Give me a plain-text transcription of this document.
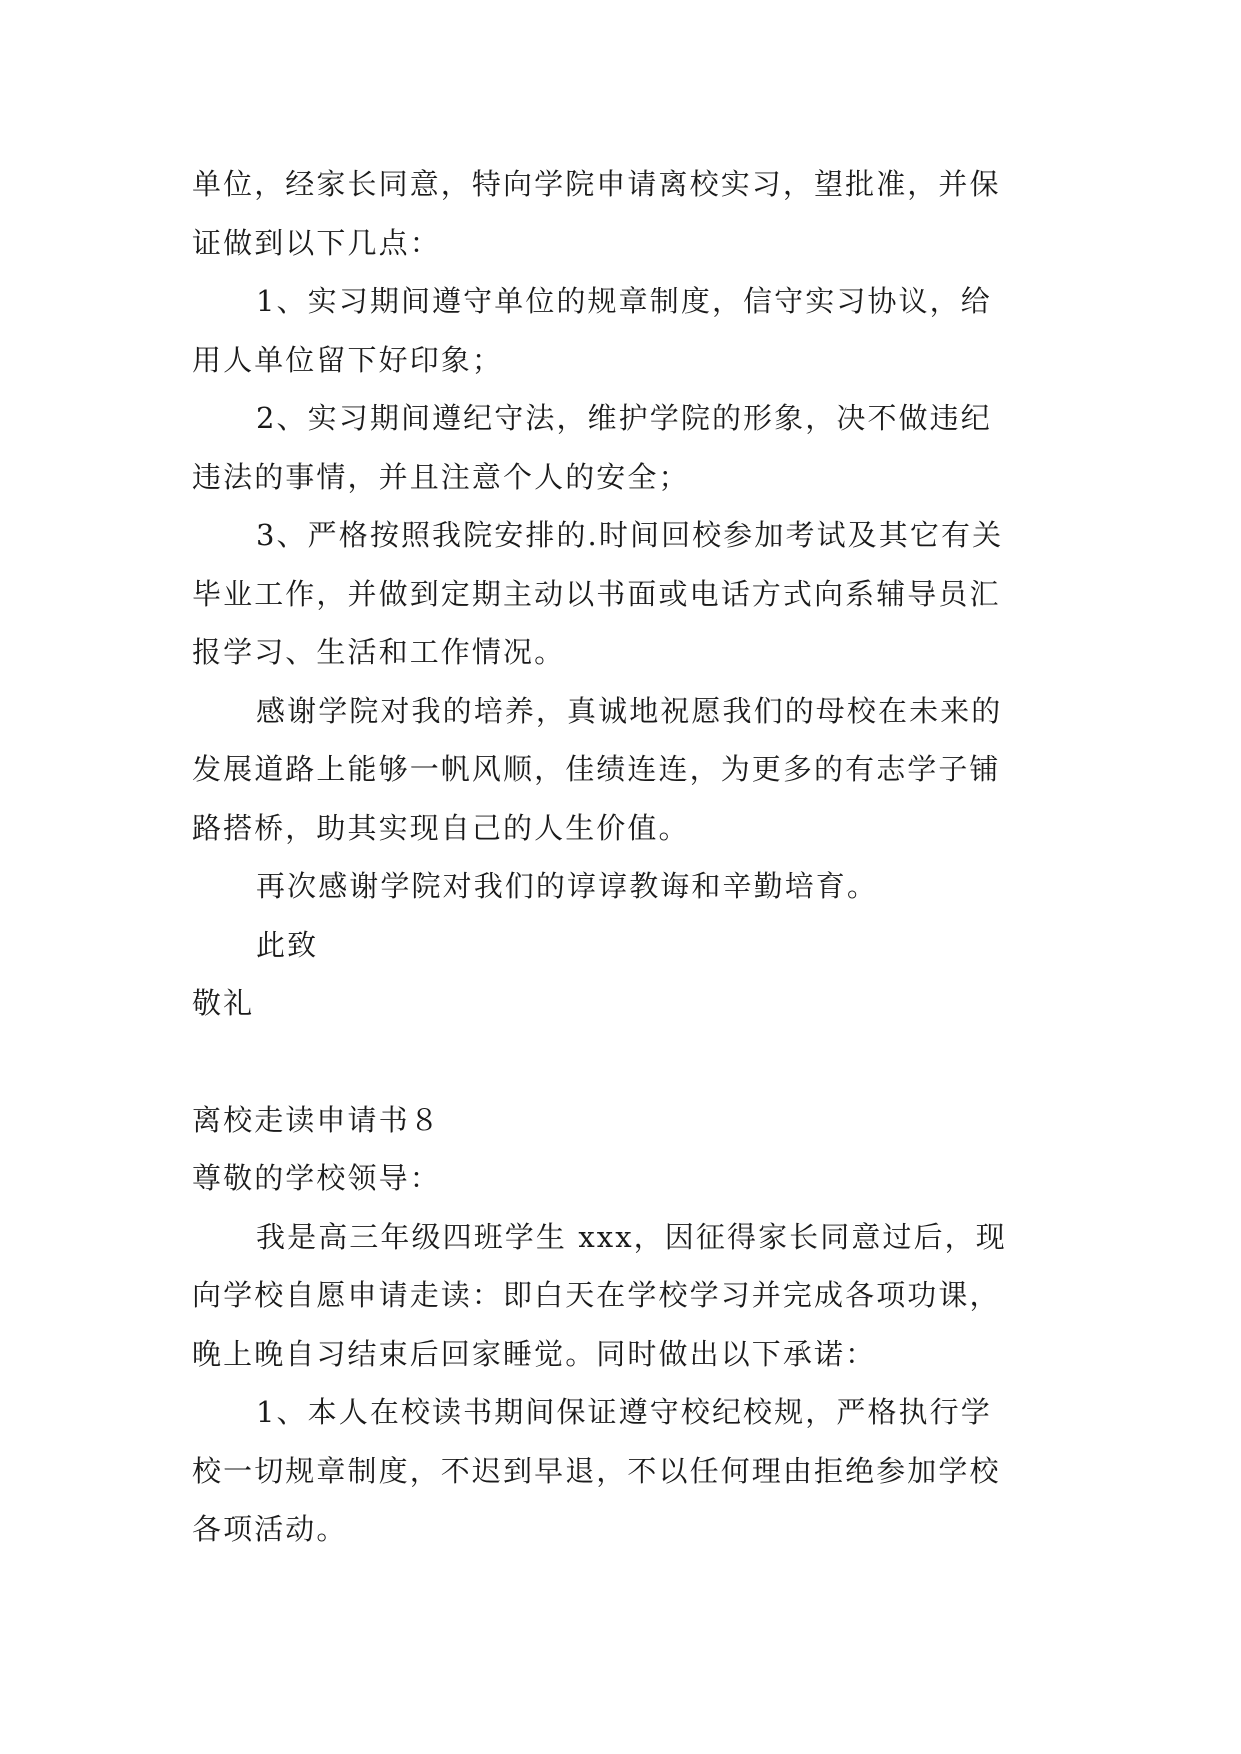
单位，经家长同意，特向学院申请离校实习，望批准，并保
证做到以下几点：
1、实习期间遵守单位的规章制度，信守实习协议，给
用人单位留下好印象；
2、实习期间遵纪守法，维护学院的形象，决不做违纪
违法的事情，并且注意个人的安全；
3、严格按照我院安排的.时间回校参加考试及其它有关
毕业工作，并做到定期主动以书面或电话方式向系辅导员汇
报学习、生活和工作情况。
感谢学院对我的培养，真诚地祝愿我们的母校在未来的
发展道路上能够一帆风顺，佳绩连连，为更多的有志学子铺
路搭桥，助其实现自己的人生价值。
再次感谢学院对我们的谆谆教诲和辛勤培育。
此致
敬礼
离校走读申请书８
尊敬的学校领导：
我是高三年级四班学生 xxx，因征得家长同意过后，现
向学校自愿申请走读：即白天在学校学习并完成各项功课，
晚上晚自习结束后回家睡觉。同时做出以下承诺：
1、本人在校读书期间保证遵守校纪校规，严格执行学
校一切规章制度，不迟到早退，不以任何理由拒绝参加学校
各项活动。
